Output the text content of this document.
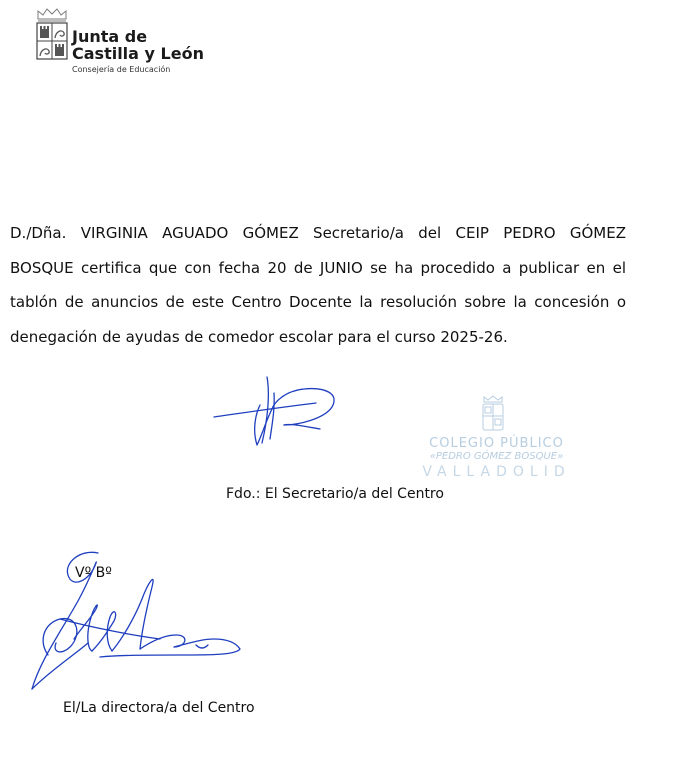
Junta de
Castilla y León
Consejería de Educación
D./Dña. VIRGINIA AGUADO GÓMEZ Secretario/a del CEIP PEDRO GÓMEZ
BOSQUE certifica que con fecha 20 de JUNIO se ha procedido a publicar en el
tablón de anuncios de este Centro Docente la resolución sobre la concesión o
denegación de ayudas de comedor escolar para el curso 2025-26.
COLEGIO PÚBLICO
«PEDRO GÓMEZ BOSQUE»
VALLADOLID
Fdo.: El Secretario/a del Centro
Vº Bº
El/La directora/a del Centro
